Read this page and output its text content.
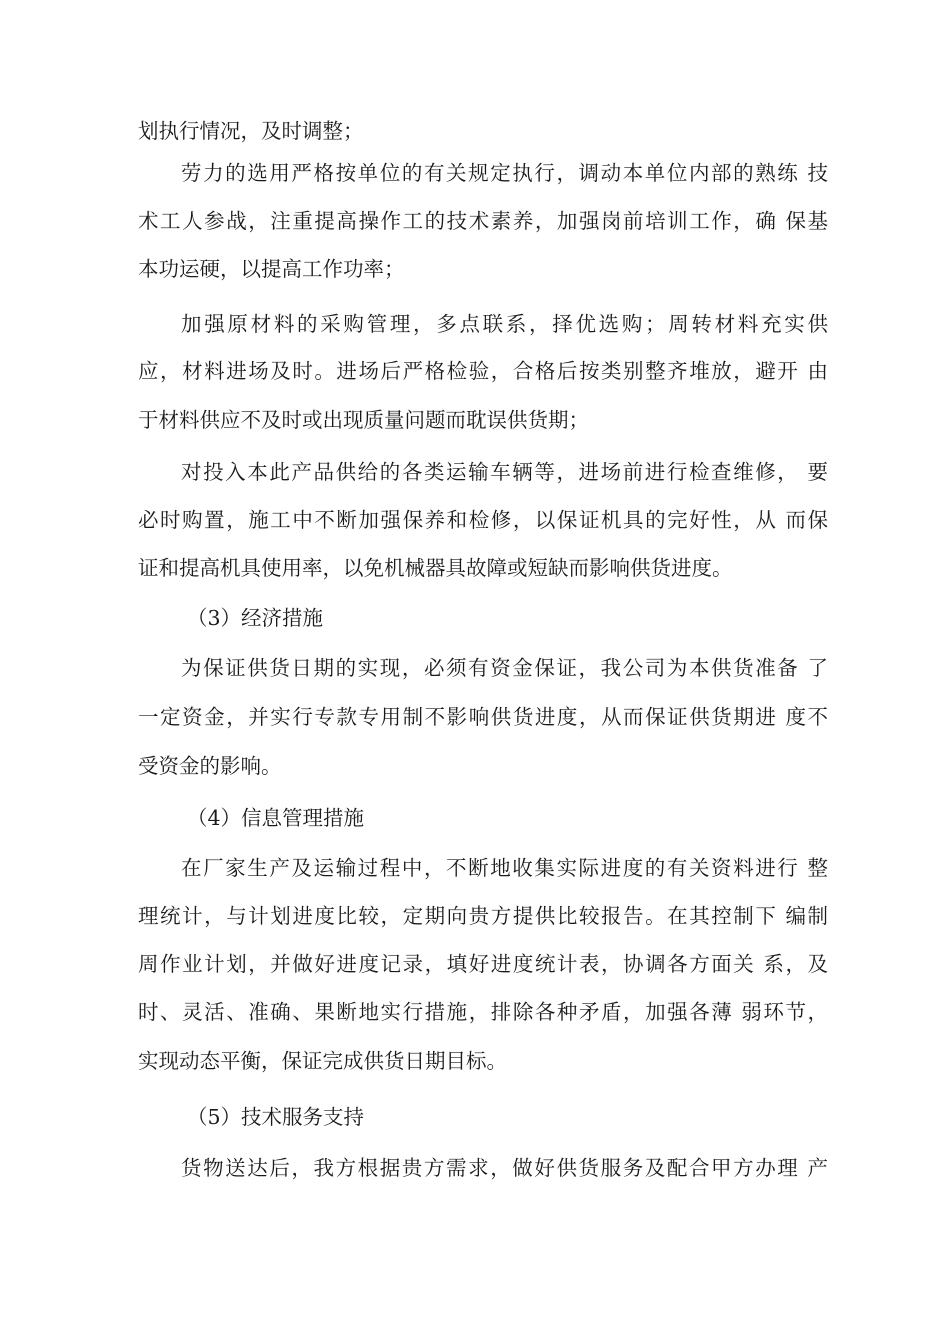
划执行情况，及时调整；
劳力的选用严格按单位的有关规定执行，调动本单位内部的熟练 技
术工人参战，注重提高操作工的技术素养，加强岗前培训工作，确 保基
本功运硬，以提高工作功率；
加强原材料的采购管理，多点联系，择优选购；周转材料充实供
应，材料进场及时。进场后严格检验，合格后按类别整齐堆放，避开 由
于材料供应不及时或出现质量问题而耽误供货期；
对投入本此产品供给的各类运输车辆等，进场前进行检查维修， 要
必时购置，施工中不断加强保养和检修，以保证机具的完好性，从 而保
证和提高机具使用率，以免机械器具故障或短缺而影响供货进度。
（3）经济措施
为保证供货日期的实现，必须有资金保证，我公司为本供货准备 了
一定资金，并实行专款专用制不影响供货进度，从而保证供货期进 度不
受资金的影响。
（4）信息管理措施
在厂家生产及运输过程中，不断地收集实际进度的有关资料进行 整
理统计，与计划进度比较，定期向贵方提供比较报告。在其控制下 编制
周作业计划，并做好进度记录，填好进度统计表，协调各方面关 系，及
时、灵活、准确、果断地实行措施，排除各种矛盾，加强各薄 弱环节，
实现动态平衡，保证完成供货日期目标。
（5）技术服务支持
货物送达后，我方根据贵方需求，做好供货服务及配合甲方办理 产
